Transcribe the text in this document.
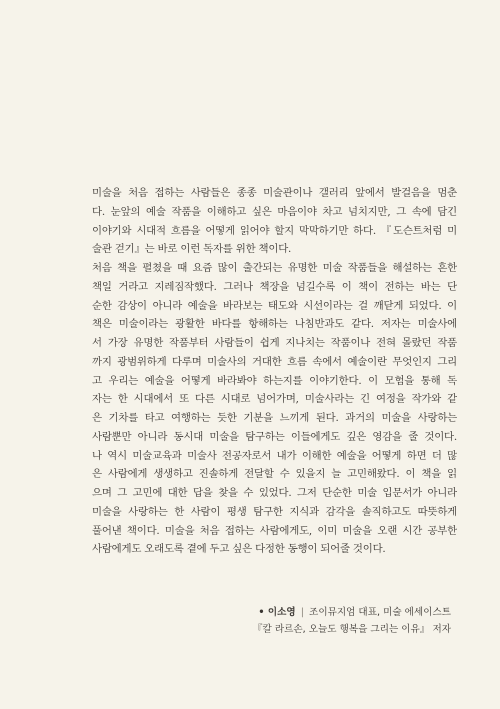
미술을 처음 접하는 사람들은 종종 미술관이나 갤러리 앞에서 발걸음을 멈춘
다. 눈앞의 예술 작품을 이해하고 싶은 마음이야 차고 넘치지만, 그 속에 담긴
이야기와 시대적 흐름을 어떻게 읽어야 할지 막막하기만 하다. 『도슨트처럼 미
술관 걷기』는 바로 이런 독자를 위한 책이다.
처음 책을 펼쳤을 때 요즘 많이 출간되는 유명한 미술 작품들을 해설하는 흔한
책일 거라고 지레짐작했다. 그러나 책장을 넘길수록 이 책이 전하는 바는 단
순한 감상이 아니라 예술을 바라보는 태도와 시선이라는 걸 깨닫게 되었다. 이
책은 미술이라는 광활한 바다를 항해하는 나침반과도 같다. 저자는 미술사에
서 가장 유명한 작품부터 사람들이 쉽게 지나치는 작품이나 전혀 몰랐던 작품
까지 광범위하게 다루며 미술사의 거대한 흐름 속에서 예술이란 무엇인지 그리
고 우리는 예술을 어떻게 바라봐야 하는지를 이야기한다. 이 모험을 통해 독
자는 한 시대에서 또 다른 시대로 넘어가며, 미술사라는 긴 여정을 작가와 같
은 기차를 타고 여행하는 듯한 기분을 느끼게 된다. 과거의 미술을 사랑하는
사람뿐만 아니라 동시대 미술을 탐구하는 이들에게도 깊은 영감을 줄 것이다.
나 역시 미술교육과 미술사 전공자로서 내가 이해한 예술을 어떻게 하면 더 많
은 사람에게 생생하고 진솔하게 전달할 수 있을지 늘 고민해왔다. 이 책을 읽
으며 그 고민에 대한 답을 찾을 수 있었다. 그저 단순한 미술 입문서가 아니라
미술을 사랑하는 한 사람이 평생 탐구한 지식과 감각을 솔직하고도 따뜻하게
풀어낸 책이다. 미술을 처음 접하는 사람에게도, 이미 미술을 오랜 시간 공부한
사람에게도 오래도록 곁에 두고 싶은 다정한 동행이 되어줄 것이다.
• 이소영 | 조이뮤지엄 대표, 미술 에세이스트
『칼 라르손, 오늘도 행복을 그리는 이유』 저자
